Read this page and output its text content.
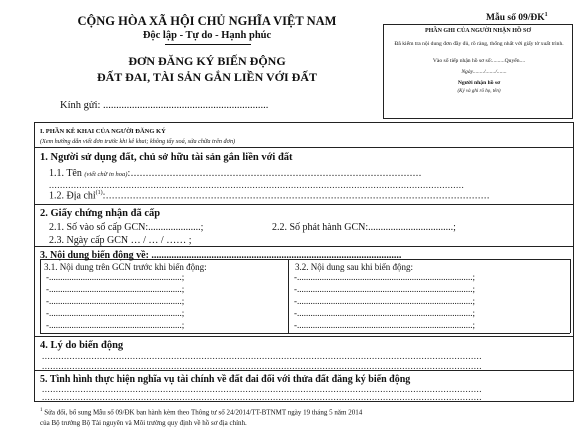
CỘNG HÒA XÃ HỘI CHỦ NGHĨA VIỆT NAM
Độc lập - Tự do - Hạnh phúc
ĐƠN ĐĂNG KÝ BIẾN ĐỘNG
ĐẤT ĐAI, TÀI SẢN GẮN LIỀN VỚI ĐẤT
Mẫu số $09/ĐK^1$
PHẦN GHI CỦA NGƯỜI NHẬN HỒ SƠ
Đã kiểm tra nội dung đơn đầy đủ, rõ ràng, thống nhất với giấy tờ xuất trình.
Vào sổ tiếp nhận hồ sơ số:.........Quyển....
Ngày......../......./.......
Người nhận hồ sơ
(Ký và ghi rõ họ, tên)
Kính gửi: ...............................................................
I. PHẦN KÊ KHAI CỦA NGƯỜI ĐĂNG KÝ
(Xem hướng dẫn viết đơn trước khi kê khai; không tẩy xoá, sửa chữa trên đơn)
1. Người sử dụng đất, chủ sở hữu tài sản gắn liền với đất
1.1. Tên (viết chữ in hoa):.................................................................................................
.......................................................................................................................................................
1.2. Địa chỉ$^{(1)}$:................................................................................................................................
2. Giấy chứng nhận đã cấp
2.1. Số vào sổ cấp GCN:.....................;	2.2. Số phát hành GCN:..................................;
2.3. Ngày cấp GCN … / … / …… ;
3. Nội dung biến động về: ....................................................................................................
3.1. Nội dung trên GCN trước khi biến động:	3.2. Nội dung sau khi biến động:
-...........................................................;
-...........................................................;
-...........................................................;
-...........................................................;
-...........................................................;
-..............................................................................;
-..............................................................................;
-..............................................................................;
-..............................................................................;
-..............................................................................;
4. Lý do biến động
................................................................................................................................................................
................................................................................................................................................................
5. Tình hình thực hiện nghĩa vụ tài chính về đất đai đối với thửa đất đăng ký biến động
................................................................................................................................................................
................................................................................................................................................................
$^1$ Sửa đổi, bổ sung Mẫu số 09/ĐK ban hành kèm theo Thông tư số 24/2014/TT-BTNMT ngày 19 tháng 5 năm 2014
của Bộ trưởng Bộ Tài nguyên và Môi trường quy định về hồ sơ địa chính.
